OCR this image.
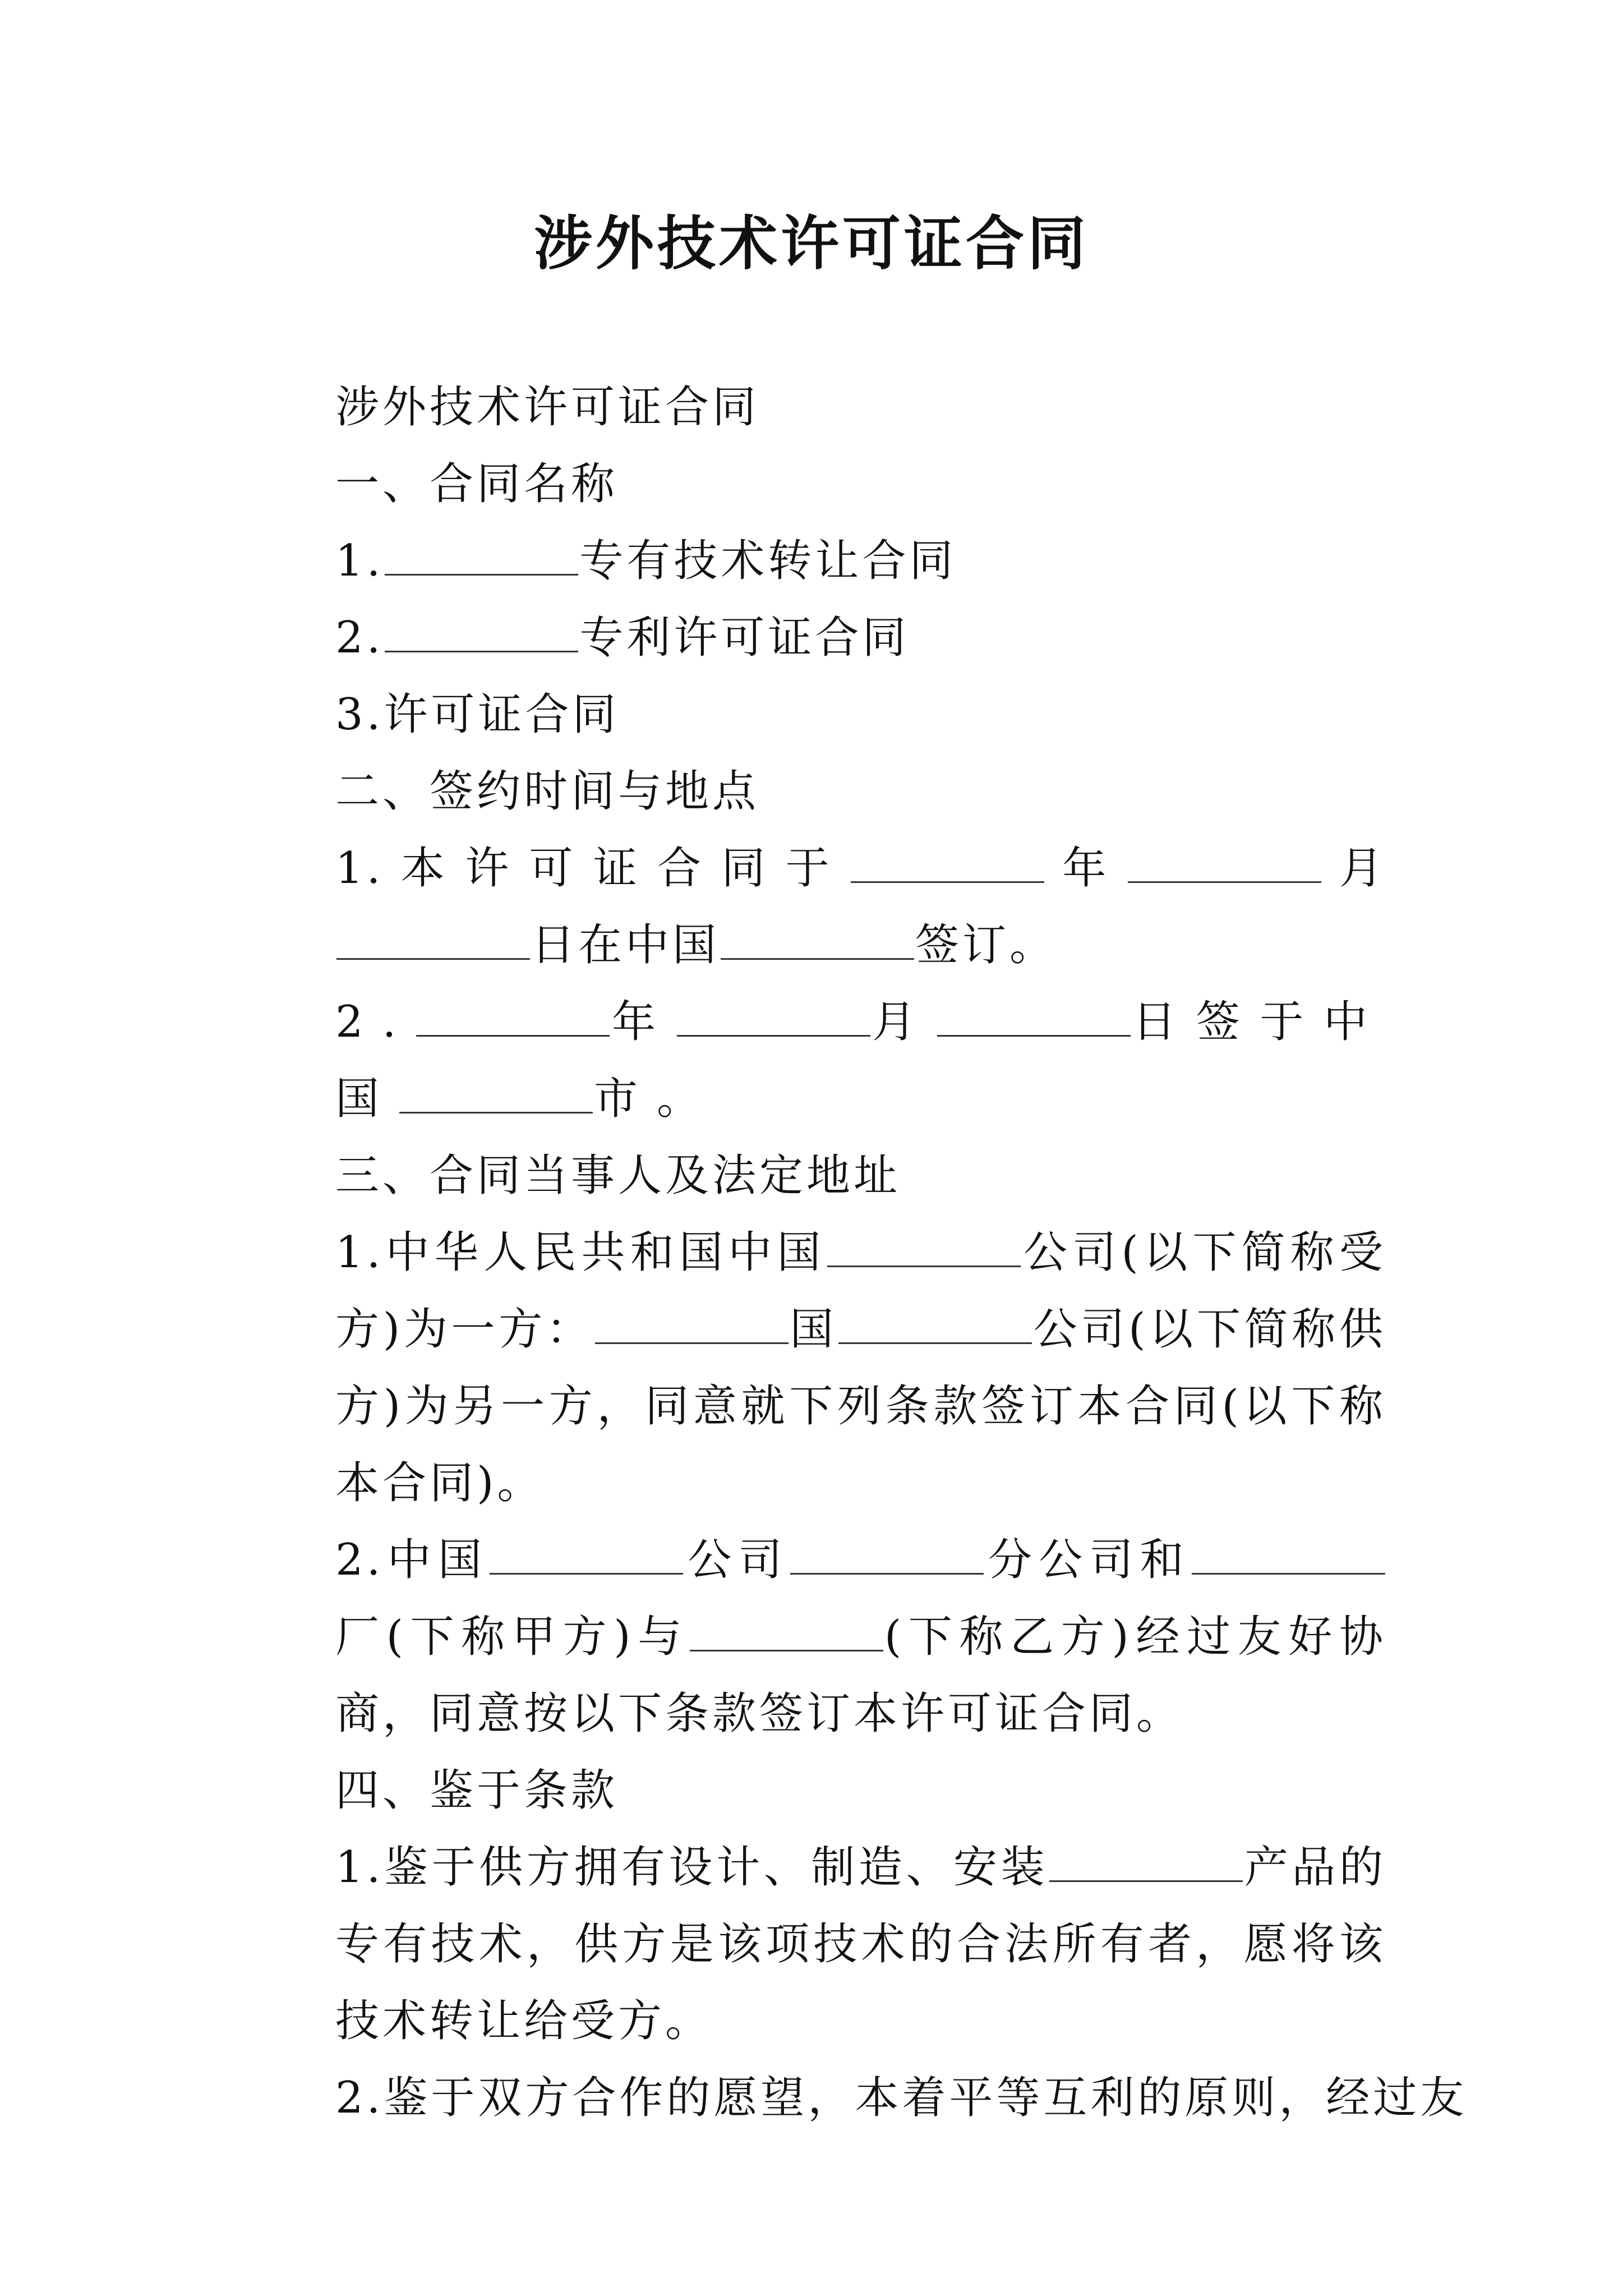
涉外技术许可证合同

涉外技术许可证合同

一、合同名称

1.	专有技术转让合同

2.	专利许可证合同

3.许可证合同

二、签约时间与地点

1.本许可证合同于	年	月日在中国	签订。

2.	年	月	日签于中国	市。

三、合同当事人及法定地址

1.中华人民共和国中国	公司(以下简称受方)为一方：	国	公司(以下简称供方)为另一方，同意就下列条款签订本合同(以下称本合同)。

2.中国	公司	分公司和厂(下称甲方)与	(下称乙方)经过友好协商，同意按以下条款签订本许可证合同。

四、鉴于条款

1.鉴于供方拥有设计、制造、安装	产品的专有技术，供方是该项技术的合法所有者，愿将该技术转让给受方。

2.鉴于双方合作的愿望，本着平等互利的原则，经过友
